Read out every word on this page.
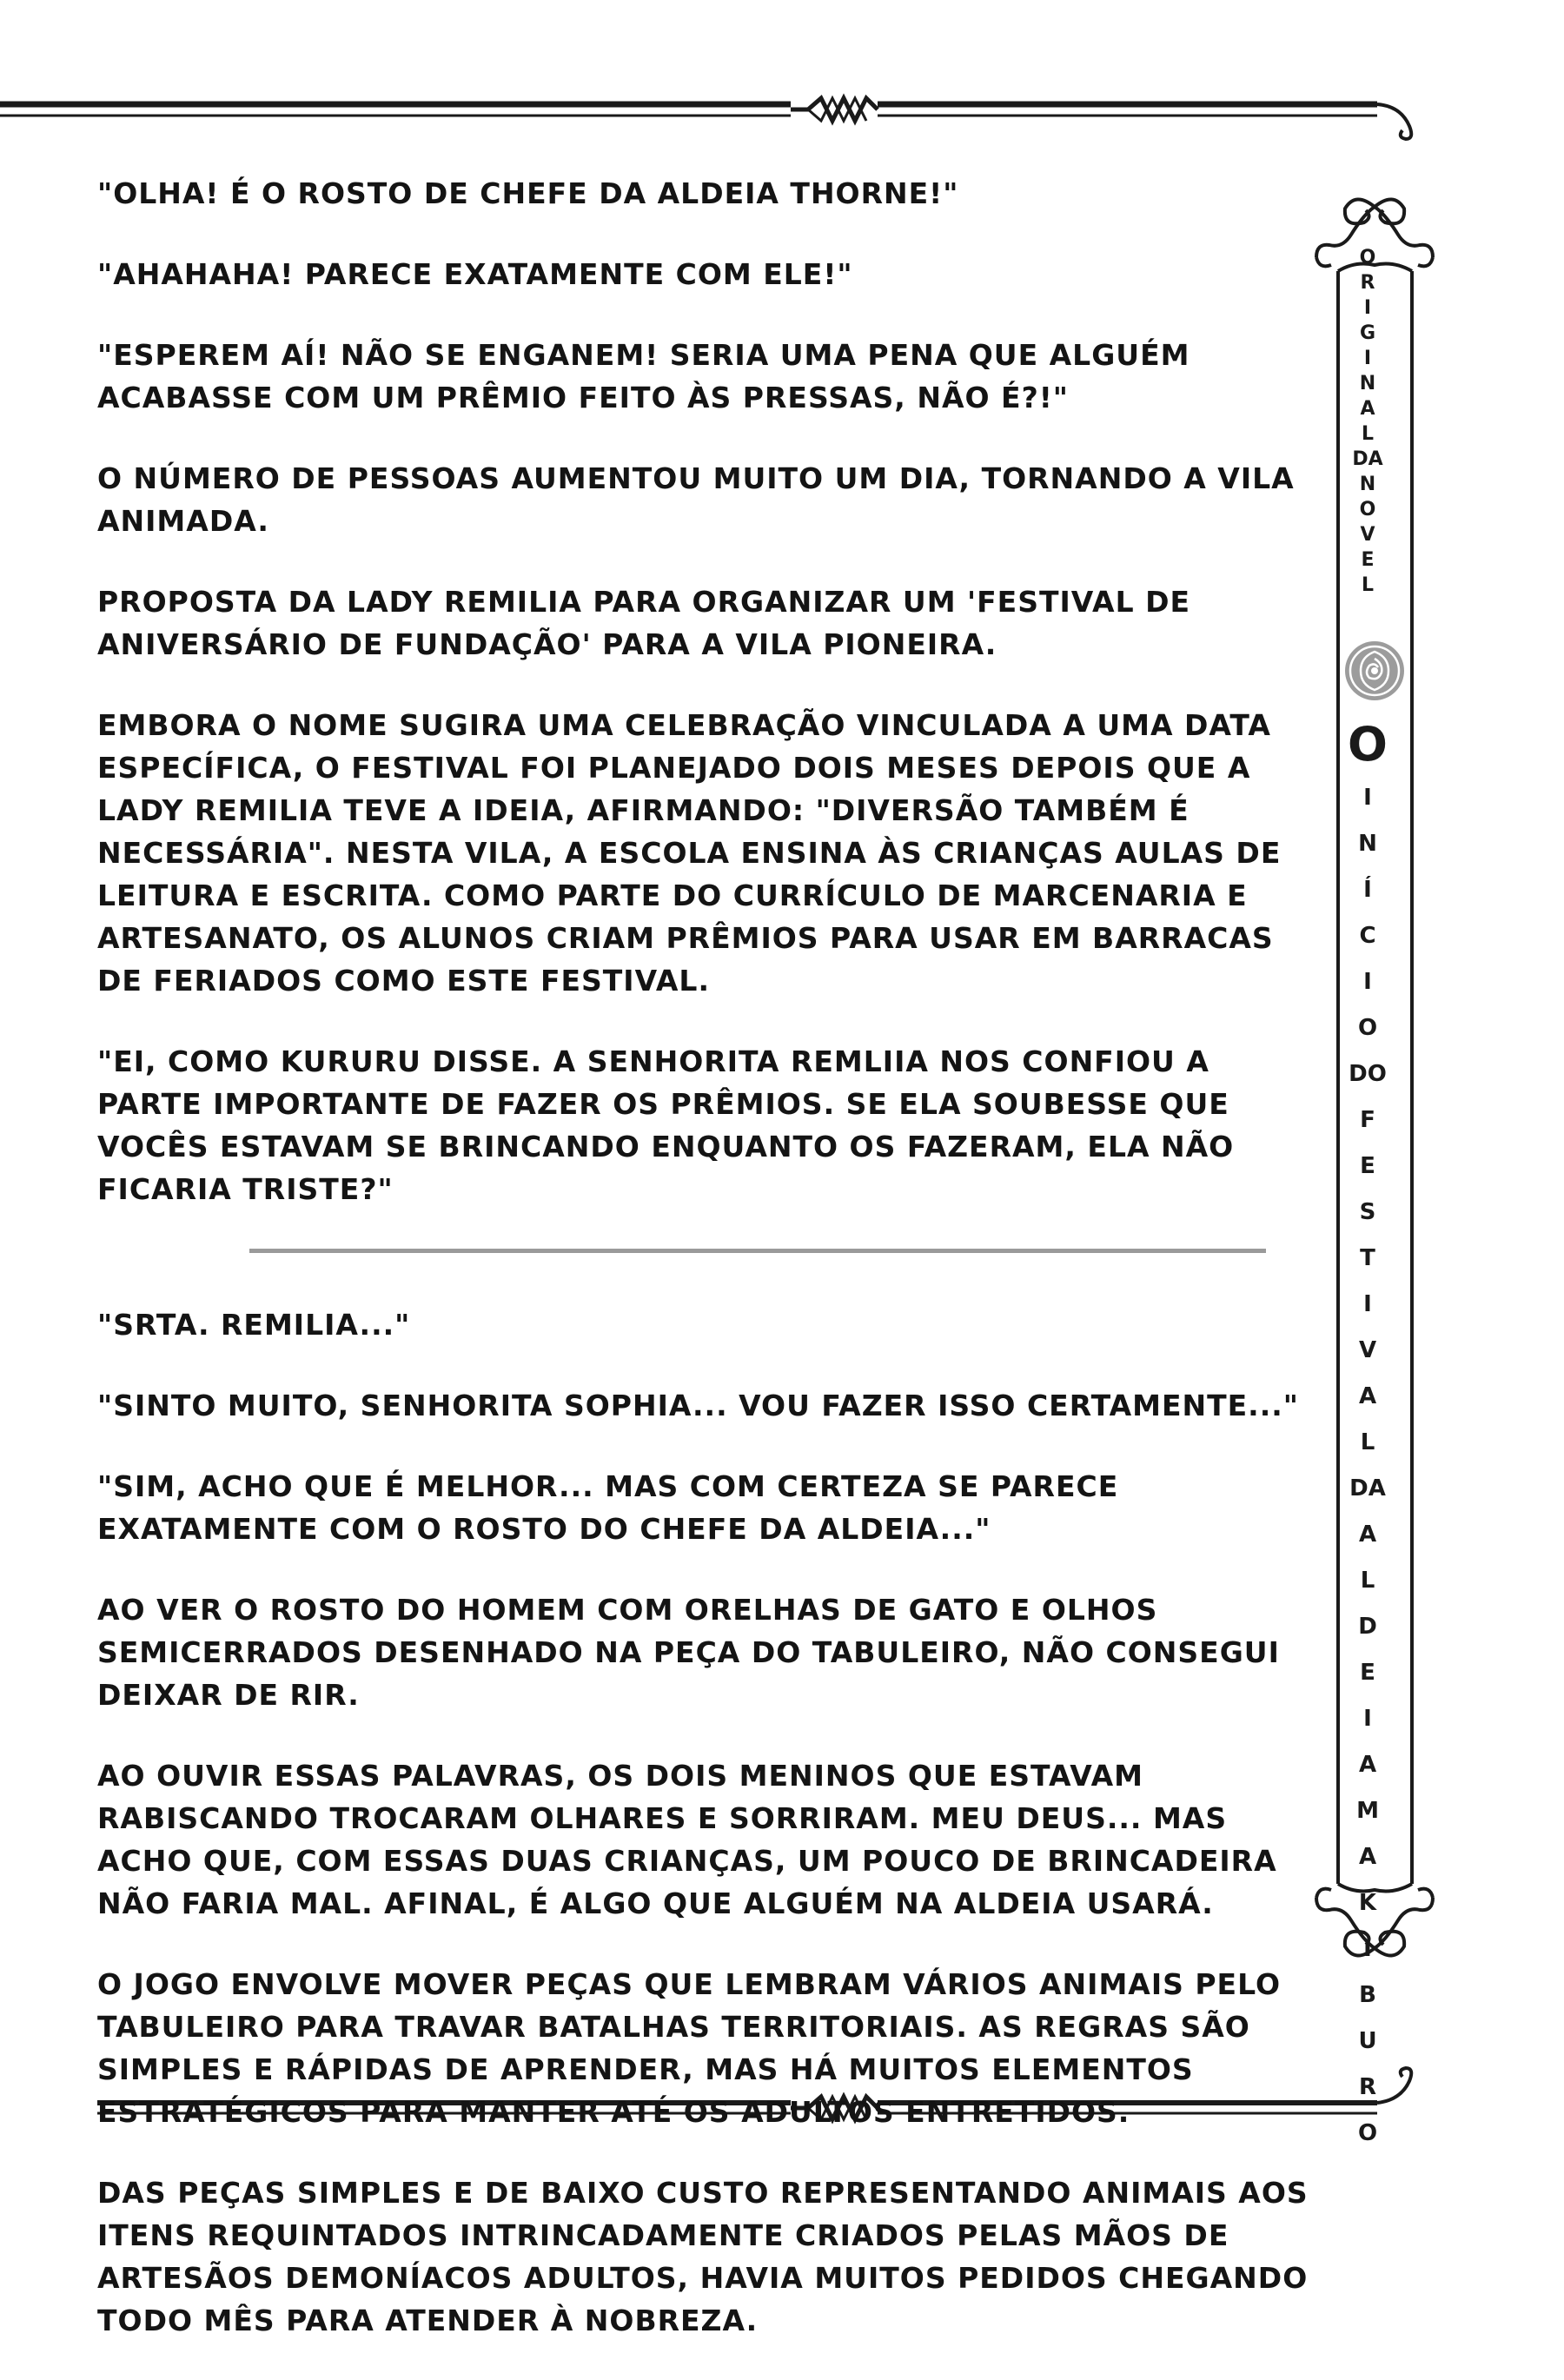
O
R
I
G
I
N
A
L
DA
N
O
V
E
L
O
I
N
Í
C
I
O
DO
F
E
S
T
I
V
A
L
DA
A
L
D
E
I
A
M
A
K
I
B
U
R
O

"OLHA! É O ROSTO DE CHEFE DA ALDEIA THORNE!"

"AHAHAHA! PARECE EXATAMENTE COM ELE!"

"ESPEREM AÍ! NÃO SE ENGANEM! SERIA UMA PENA QUE ALGUÉM ACABASSE COM UM PRÊMIO FEITO ÀS PRESSAS, NÃO É?!"

O NÚMERO DE PESSOAS AUMENTOU MUITO UM DIA, TORNANDO A VILA ANIMADA.

PROPOSTA DA LADY REMILIA PARA ORGANIZAR UM 'FESTIVAL DE ANIVERSÁRIO DE FUNDAÇÃO' PARA A VILA PIONEIRA.

EMBORA O NOME SUGIRA UMA CELEBRAÇÃO VINCULADA A UMA DATA ESPECÍFICA, O FESTIVAL FOI PLANEJADO DOIS MESES DEPOIS QUE A LADY REMILIA TEVE A IDEIA, AFIRMANDO: "DIVERSÃO TAMBÉM É NECESSÁRIA". NESTA VILA, A ESCOLA ENSINA ÀS CRIANÇAS AULAS DE LEITURA E ESCRITA. COMO PARTE DO CURRÍCULO DE MARCENARIA E ARTESANATO, OS ALUNOS CRIAM PRÊMIOS PARA USAR EM BARRACAS DE FERIADOS COMO ESTE FESTIVAL.

"EI, COMO KURURU DISSE. A SENHORITA REMLIIA NOS CONFIOU A PARTE IMPORTANTE DE FAZER OS PRÊMIOS. SE ELA SOUBESSE QUE VOCÊS ESTAVAM SE BRINCANDO ENQUANTO OS FAZERAM, ELA NÃO FICARIA TRISTE?"

"SRTA. REMILIA..."

"SINTO MUITO, SENHORITA SOPHIA... VOU FAZER ISSO CERTAMENTE..."

"SIM, ACHO QUE É MELHOR... MAS COM CERTEZA SE PARECE EXATAMENTE COM O ROSTO DO CHEFE DA ALDEIA..."

AO VER O ROSTO DO HOMEM COM ORELHAS DE GATO E OLHOS SEMICERRADOS DESENHADO NA PEÇA DO TABULEIRO, NÃO CONSEGUI DEIXAR DE RIR.

AO OUVIR ESSAS PALAVRAS, OS DOIS MENINOS QUE ESTAVAM RABISCANDO TROCARAM OLHARES E SORRIRAM. MEU DEUS... MAS ACHO QUE, COM ESSAS DUAS CRIANÇAS, UM POUCO DE BRINCADEIRA NÃO FARIA MAL. AFINAL, É ALGO QUE ALGUÉM NA ALDEIA USARÁ.

O JOGO ENVOLVE MOVER PEÇAS QUE LEMBRAM VÁRIOS ANIMAIS PELO TABULEIRO PARA TRAVAR BATALHAS TERRITORIAIS. AS REGRAS SÃO SIMPLES E RÁPIDAS DE APRENDER, MAS HÁ MUITOS ELEMENTOS ESTRATÉGICOS PARA MANTER ATÉ OS ADULTOS ENTRETIDOS.

DAS PEÇAS SIMPLES E DE BAIXO CUSTO REPRESENTANDO ANIMAIS AOS ITENS REQUINTADOS INTRINCADAMENTE CRIADOS PELAS MÃOS DE ARTESÃOS DEMONÍACOS ADULTOS, HAVIA MUITOS PEDIDOS CHEGANDO TODO MÊS PARA ATENDER À NOBREZA.
